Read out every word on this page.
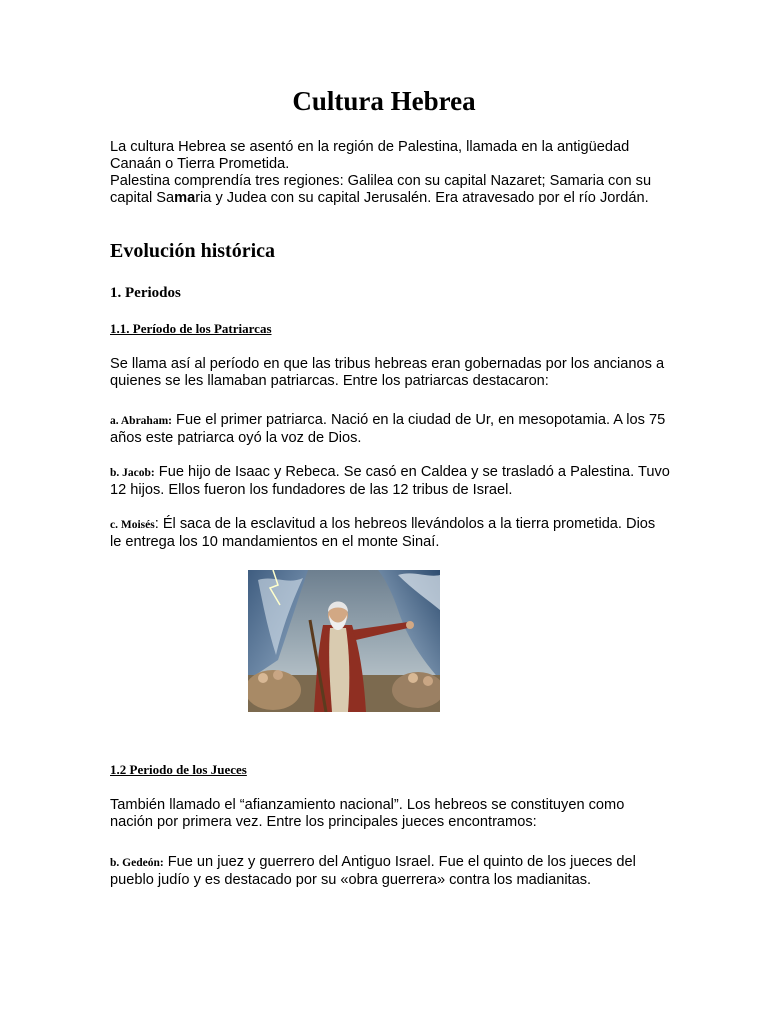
Cultura Hebrea

La cultura Hebrea se asentó en la región de Palestina, llamada en la antigüedad Canaán o Tierra Prometida.

Palestina comprendía tres regiones: Galilea con su capital Nazaret; Samaria con su capital Samaria y Judea con su capital Jerusalén. Era atravesado por el río Jordán.

Evolución histórica
1. Periodos
1.1. Período de los Patriarcas

Se llama así al período en que las tribus hebreas eran gobernadas por los ancianos a quienes se les llamaban patriarcas. Entre los patriarcas destacaron:

a. Abraham: Fue el primer patriarca. Nació en la ciudad de Ur, en mesopotamia. A los 75 años este patriarca oyó la voz de Dios.

b. Jacob: Fue hijo de Isaac y Rebeca. Se casó en Caldea y se trasladó a Palestina. Tuvo 12 hijos. Ellos fueron los fundadores de las 12 tribus de Israel.

c. Moisés: Él saca de la esclavitud a los hebreos llevándolos a la tierra prometida. Dios le entrega los 10 mandamientos en el monte Sinaí.

1.2 Periodo de los Jueces

También llamado el “afianzamiento nacional”. Los hebreos se constituyen como nación por primera vez. Entre los principales jueces encontramos:

b. Gedeón: Fue un juez y guerrero del Antiguo Israel. Fue el quinto de los jueces del pueblo judío y es destacado por su «obra guerrera» contra los madianitas.
